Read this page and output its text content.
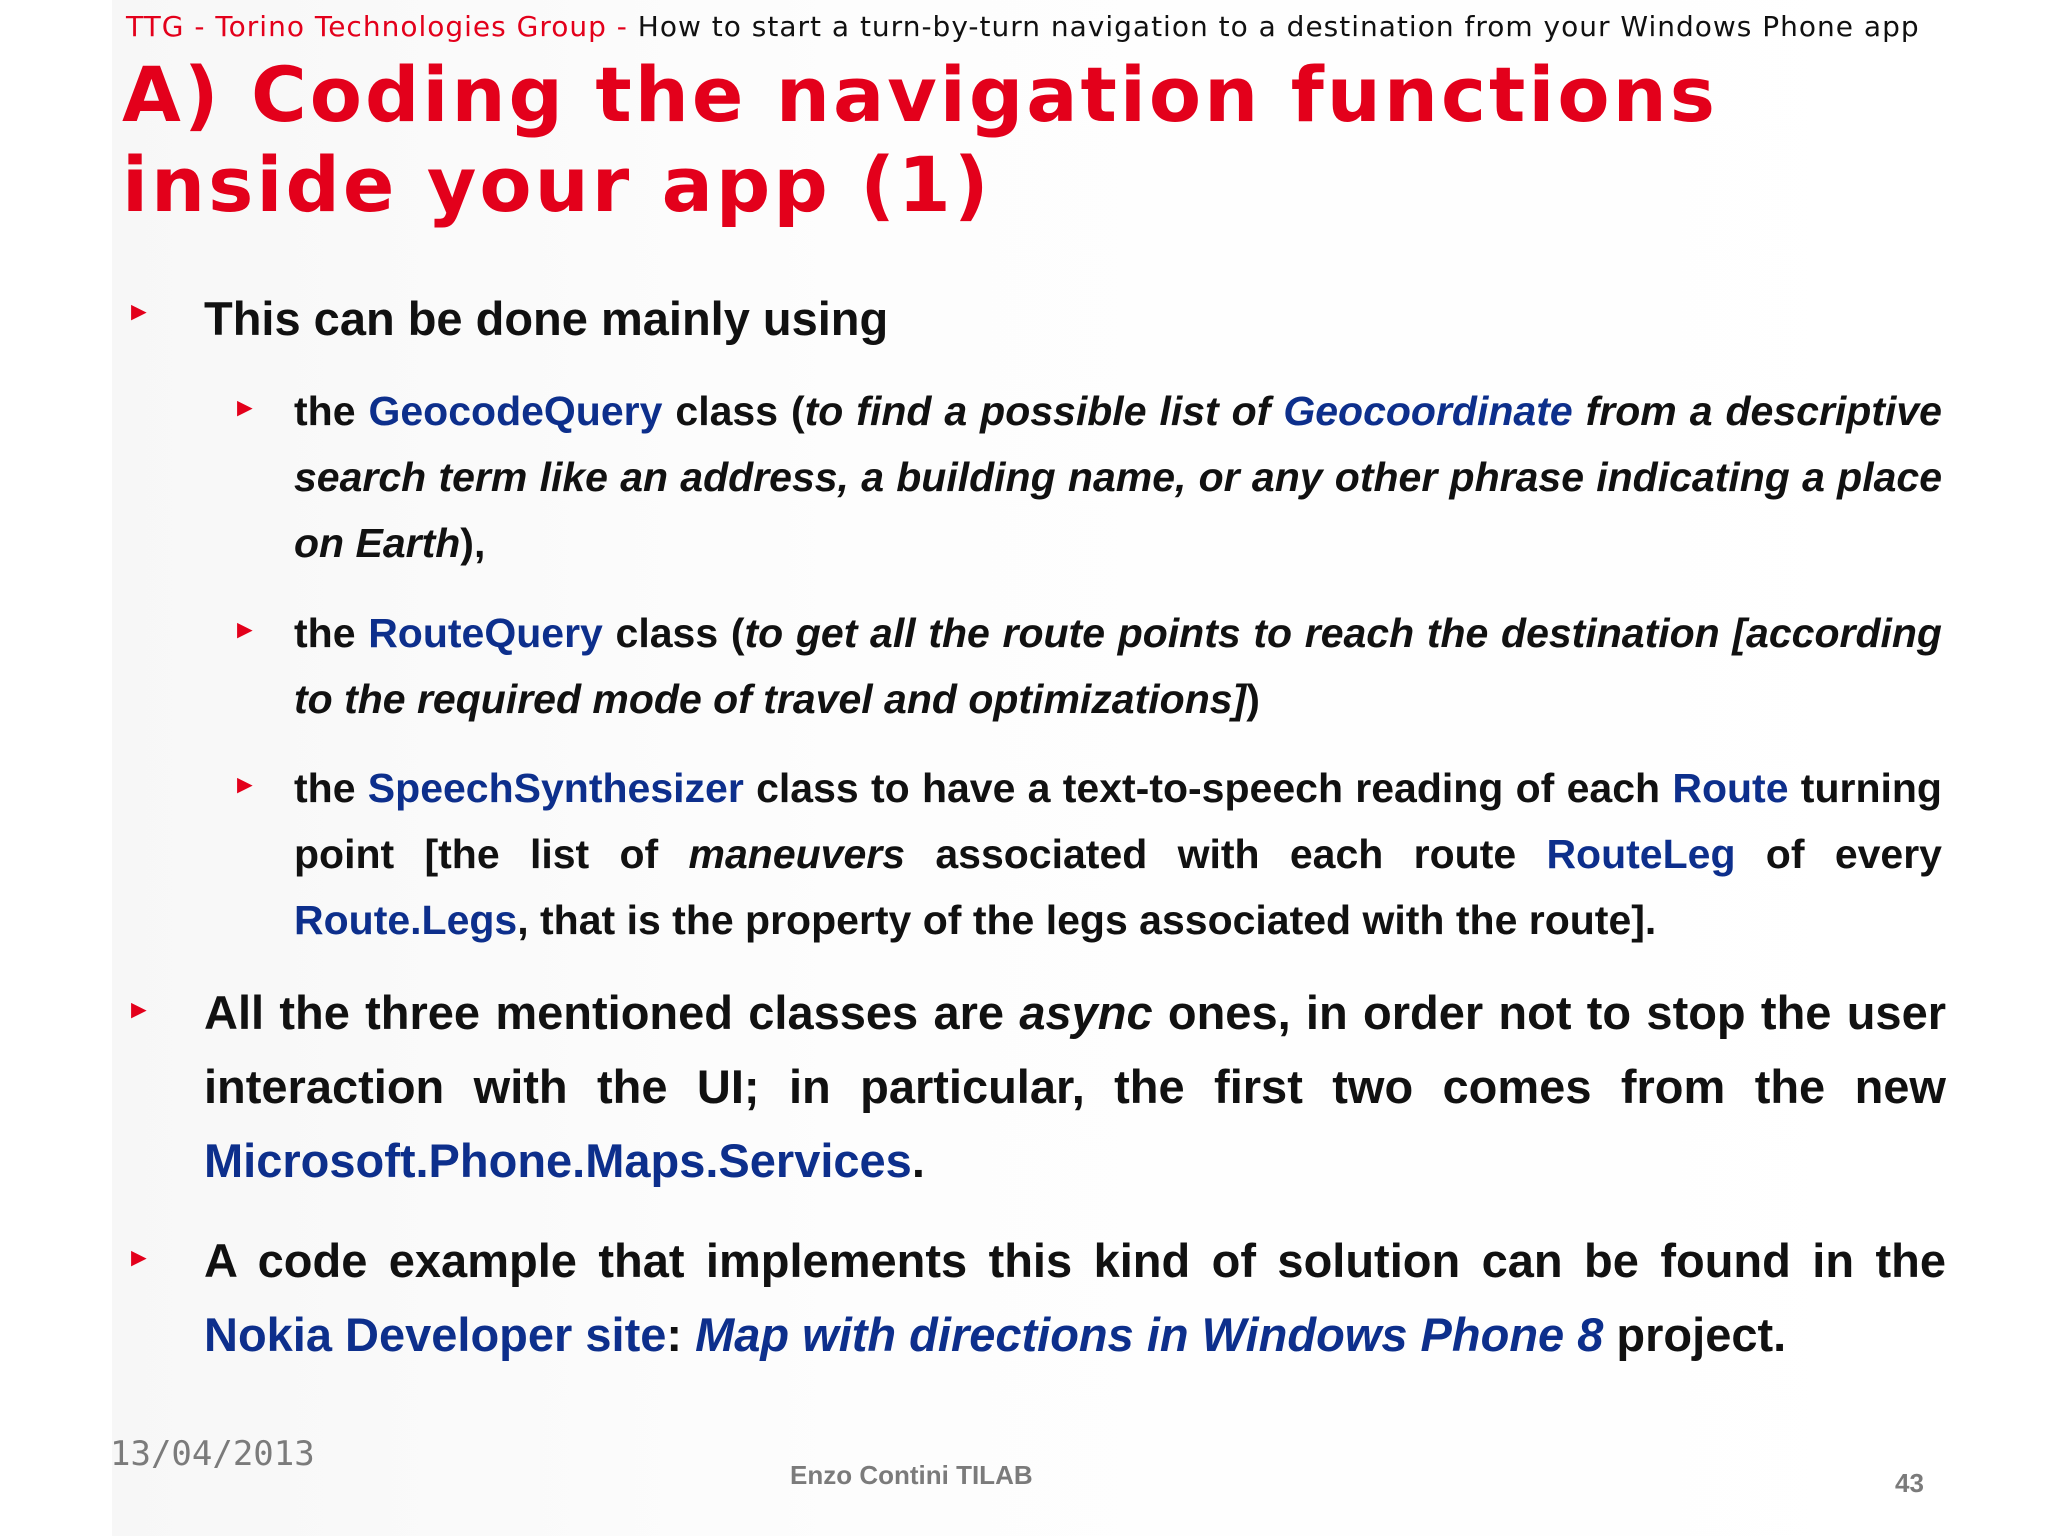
TTG - Torino Technologies Group - How to start a turn-by-turn navigation to a destination from your Windows Phone app
A) Coding the navigation functions inside your app (1)
► This can be done mainly using
► the GeocodeQuery class (to find a possible list of Geocoordinate from a descriptive search term like an address, a building name, or any other phrase indicating a place on Earth),
► the RouteQuery class (to get all the route points to reach the destination [according to the required mode of travel and optimizations])
► the SpeechSynthesizer class to have a text-to-speech reading of each Route turning point [the list of maneuvers associated with each route RouteLeg of every Route.Legs, that is the property of the legs associated with the route].
► All the three mentioned classes are async ones, in order not to stop the user interaction with the UI; in particular, the first two comes from the new Microsoft.Phone.Maps.Services.
► A code example that implements this kind of solution can be found in the Nokia Developer site: Map with directions in Windows Phone 8 project.
13/04/2013
Enzo Contini TILAB	43
